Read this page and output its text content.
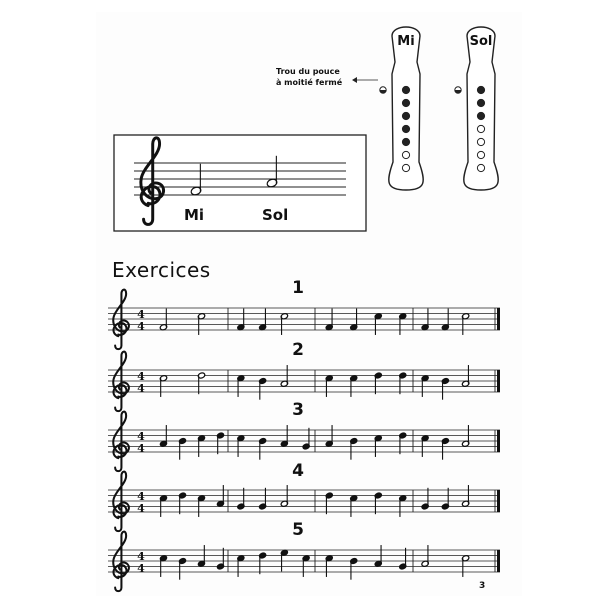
4
4
4
4
4
4
4
4
4
4
Mi	Sol
Trou du pouce
à moitié fermé
Mi	Sol
Exercices
1
2
3
4
5
3
